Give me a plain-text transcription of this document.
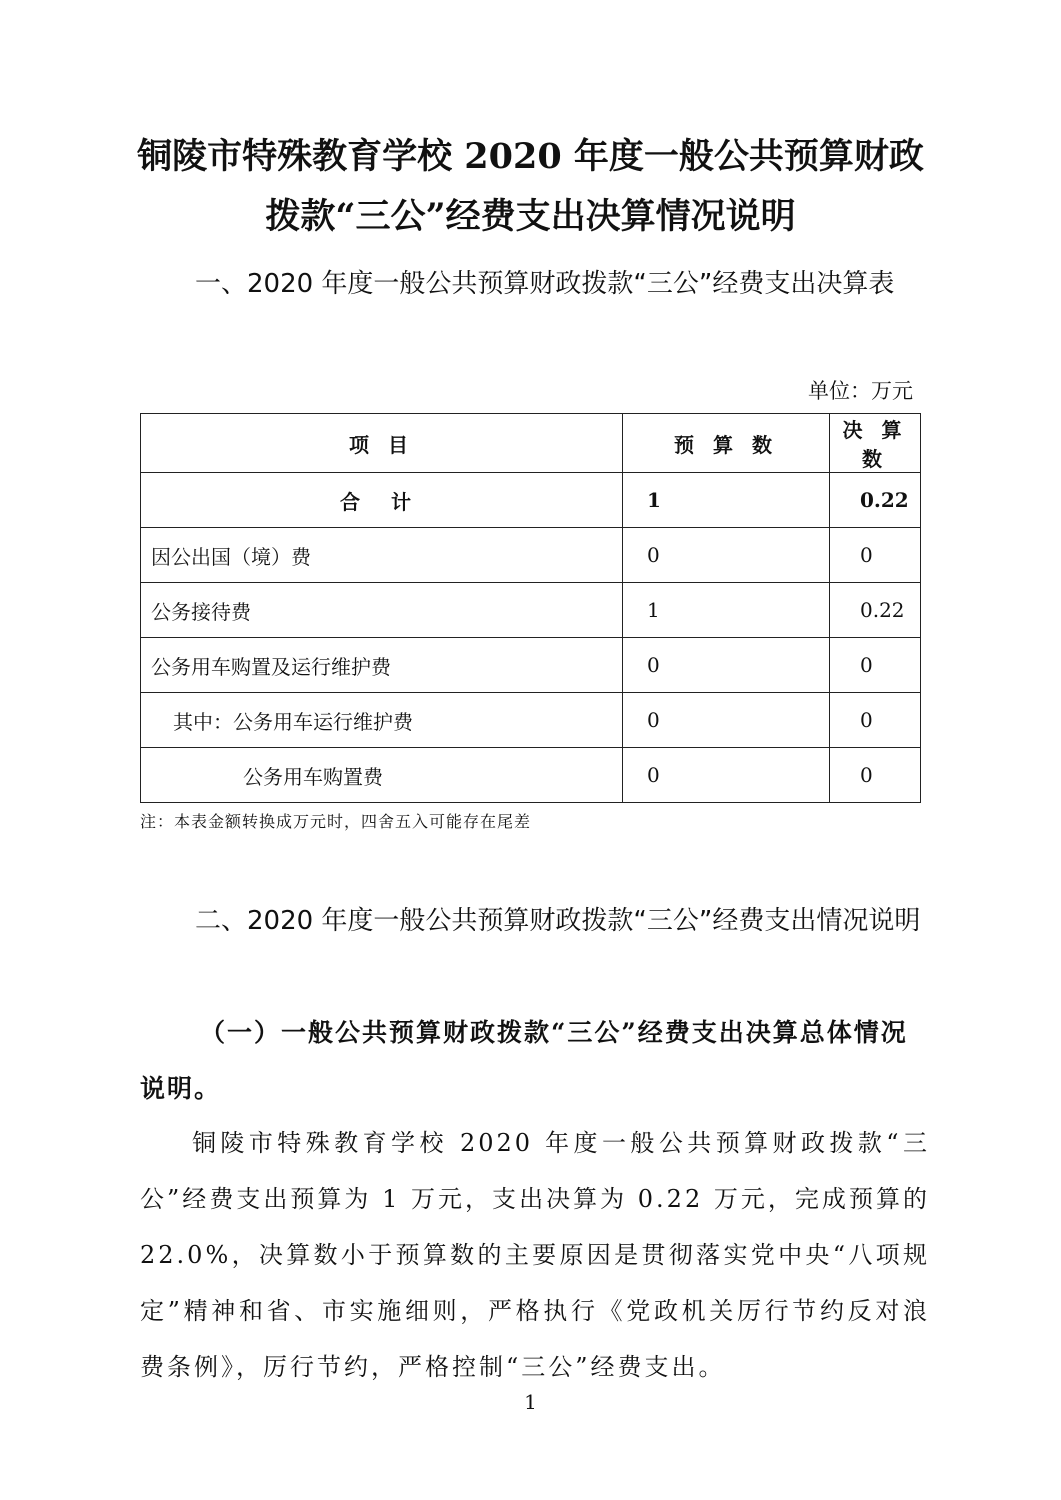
铜陵市特殊教育学校 2020 年度一般公共预算财政
拨款“三公”经费支出决算情况说明
一、2020 年度一般公共预算财政拨款“三公”经费支出决算表
单位：万元
项 目	预 算 数	决 算 数
合 计	1	0.22
因公出国（境）费	0	0
公务接待费	1	0.22
公务用车购置及运行维护费	0	0
其中：公务用车运行维护费	0	0
公务用车购置费	0	0
注：本表金额转换成万元时，四舍五入可能存在尾差
二、2020 年度一般公共预算财政拨款“三公”经费支出情况说明
（一）一般公共预算财政拨款“三公”经费支出决算总体情况说明。
铜陵市特殊教育学校 2020 年度一般公共预算财政拨款“三公”经费支出预算为 1 万元，支出决算为 0.22 万元，完成预算的 22.0%，决算数小于预算数的主要原因是贯彻落实党中央“八项规定”精神和省、市实施细则，严格执行《党政机关厉行节约反对浪费条例》，厉行节约，严格控制“三公”经费支出。
1
